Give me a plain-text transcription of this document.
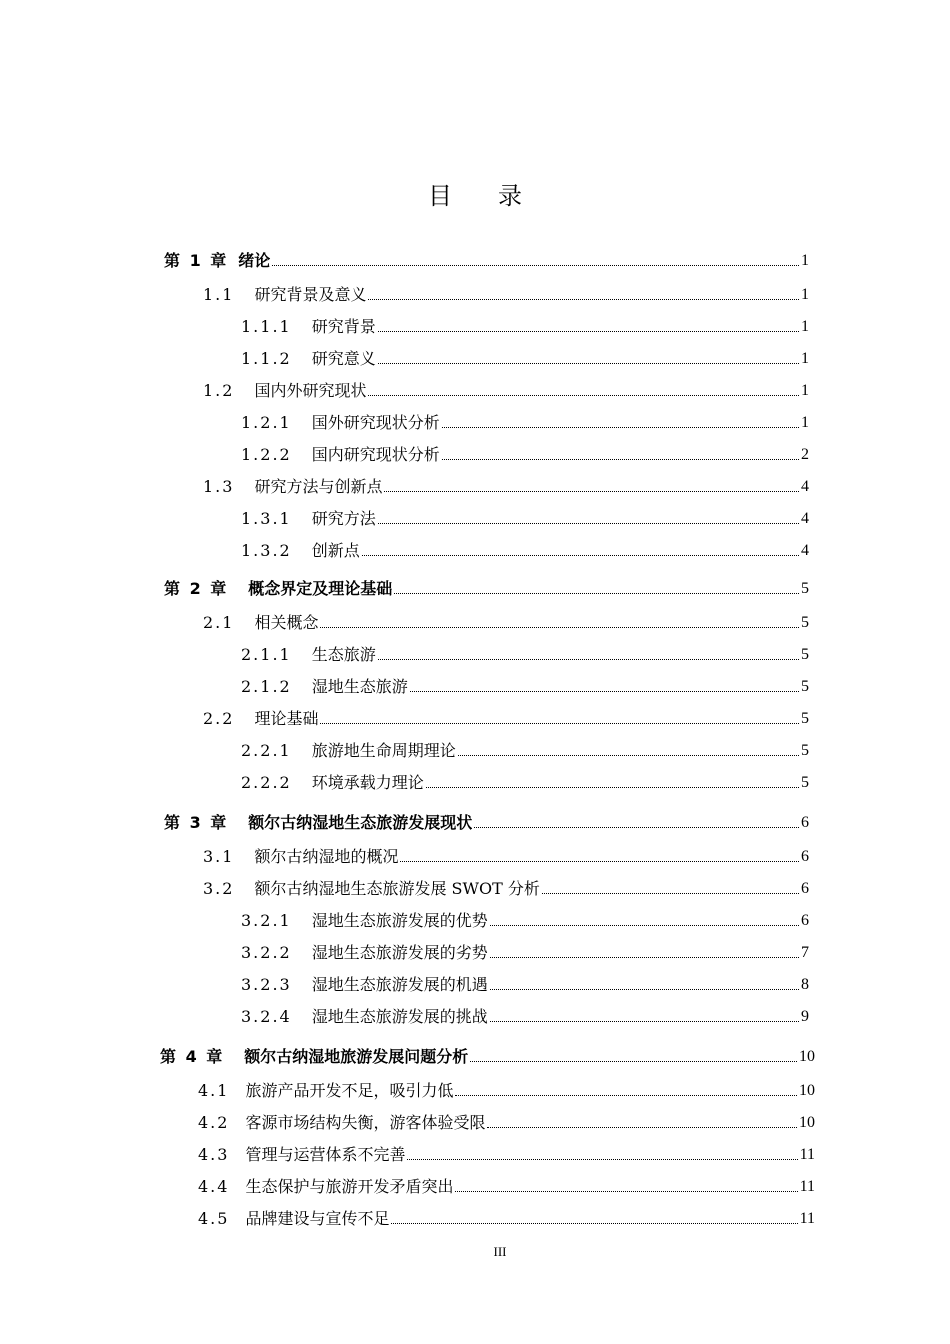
目 录
第 1 章 绪论	1
1.1 研究背景及意义	1
1.1.1 研究背景	1
1.1.2 研究意义	1
1.2 国内外研究现状	1
1.2.1 国外研究现状分析	1
1.2.2 国内研究现状分析	2
1.3 研究方法与创新点	4
1.3.1 研究方法	4
1.3.2 创新点	4
第 2 章 概念界定及理论基础	5
2.1 相关概念	5
2.1.1 生态旅游	5
2.1.2 湿地生态旅游	5
2.2 理论基础	5
2.2.1 旅游地生命周期理论	5
2.2.2 环境承载力理论	5
第 3 章 额尔古纳湿地生态旅游发展现状	6
3.1 额尔古纳湿地的概况	6
3.2 额尔古纳湿地生态旅游发展 SWOT 分析	6
3.2.1 湿地生态旅游发展的优势	6
3.2.2 湿地生态旅游发展的劣势	7
3.2.3 湿地生态旅游发展的机遇	8
3.2.4 湿地生态旅游发展的挑战	9
第 4 章 额尔古纳湿地旅游发展问题分析	10
4.1 旅游产品开发不足，吸引力低	10
4.2 客源市场结构失衡，游客体验受限	10
4.3 管理与运营体系不完善	11
4.4 生态保护与旅游开发矛盾突出	11
4.5 品牌建设与宣传不足	11
III
